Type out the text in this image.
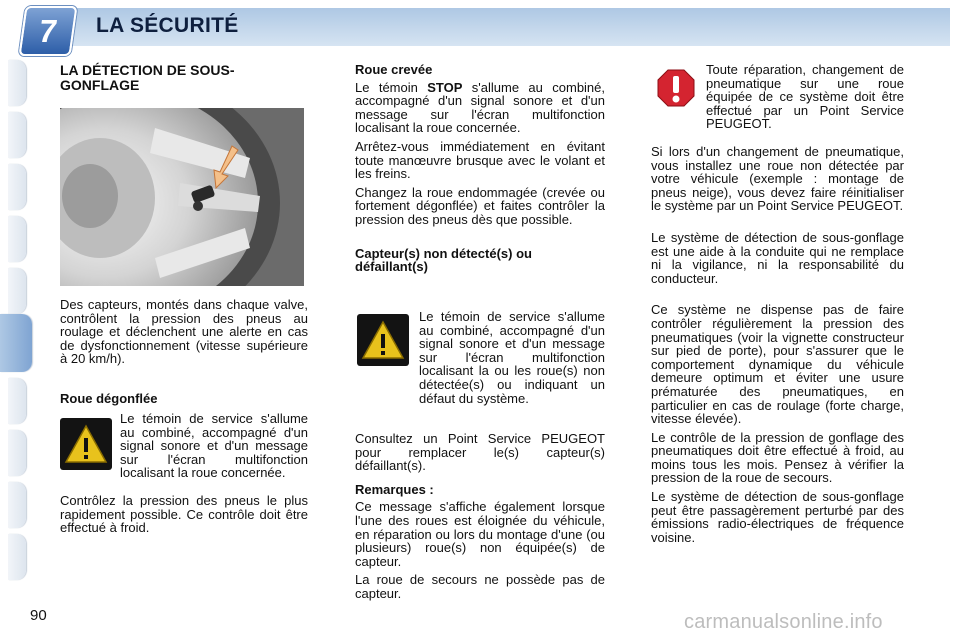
7	LA SÉCURITÉ
LA DÉTECTION DE SOUS-GONFLAGE

Des capteurs, montés dans chaque valve, contrôlent la pression des pneus au roulage et déclenchent une alerte en cas de dysfonctionnement (vitesse supérieure à 20 km/h).

Roue dégonflée

Le témoin de service s'allume au combiné, accompagné d'un signal sonore et d'un message sur l'écran multifonction localisant la roue concernée.

Contrôlez la pression des pneus le plus rapidement possible. Ce contrôle doit être effectué à froid.

Roue crevée

Le témoin STOP s'allume au combiné, accompagné d'un signal sonore et d'un message sur l'écran multifonction localisant la roue concernée.

Arrêtez-vous immédiatement en évitant toute manœuvre brusque avec le volant et les freins.

Changez la roue endommagée (crevée ou fortement dégonflée) et faites contrôler la pression des pneus dès que possible.

Capteur(s) non détecté(s) ou défaillant(s)

Le témoin de service s'allume au combiné, accompagné d'un signal sonore et d'un message sur l'écran multifonction localisant la ou les roue(s) non détectée(s) ou indiquant un défaut du système.

Consultez un Point Service PEUGEOT pour remplacer le(s) capteur(s) défaillant(s).

Remarques :

Ce message s'affiche également lorsque l'une des roues est éloignée du véhicule, en réparation ou lors du montage d'une (ou plusieurs) roue(s) non équipée(s) de capteur.

La roue de secours ne possède pas de capteur.

Toute réparation, changement de pneumatique sur une roue équipée de ce système doit être effectué par un Point Service PEUGEOT.

Si lors d'un changement de pneumatique, vous installez une roue non détectée par votre véhicule (exemple : montage de pneus neige), vous devez faire réinitialiser le système par un Point Service PEUGEOT.

Le système de détection de sous-gonflage est une aide à la conduite qui ne remplace ni la vigilance, ni la responsabilité du conducteur.

Ce système ne dispense pas de faire contrôler régulièrement la pression des pneumatiques (voir la vignette constructeur sur pied de porte), pour s'assurer que le comportement dynamique du véhicule demeure optimum et éviter une usure prématurée des pneumatiques, en particulier en cas de roulage (forte charge, vitesse élevée).

Le contrôle de la pression de gonflage des pneumatiques doit être effectué à froid, au moins tous les mois. Pensez à vérifier la pression de la roue de secours.

Le système de détection de sous-gonflage peut être passagèrement perturbé par des émissions radio-électriques de fréquence voisine.

90	carmanualsonline.info
